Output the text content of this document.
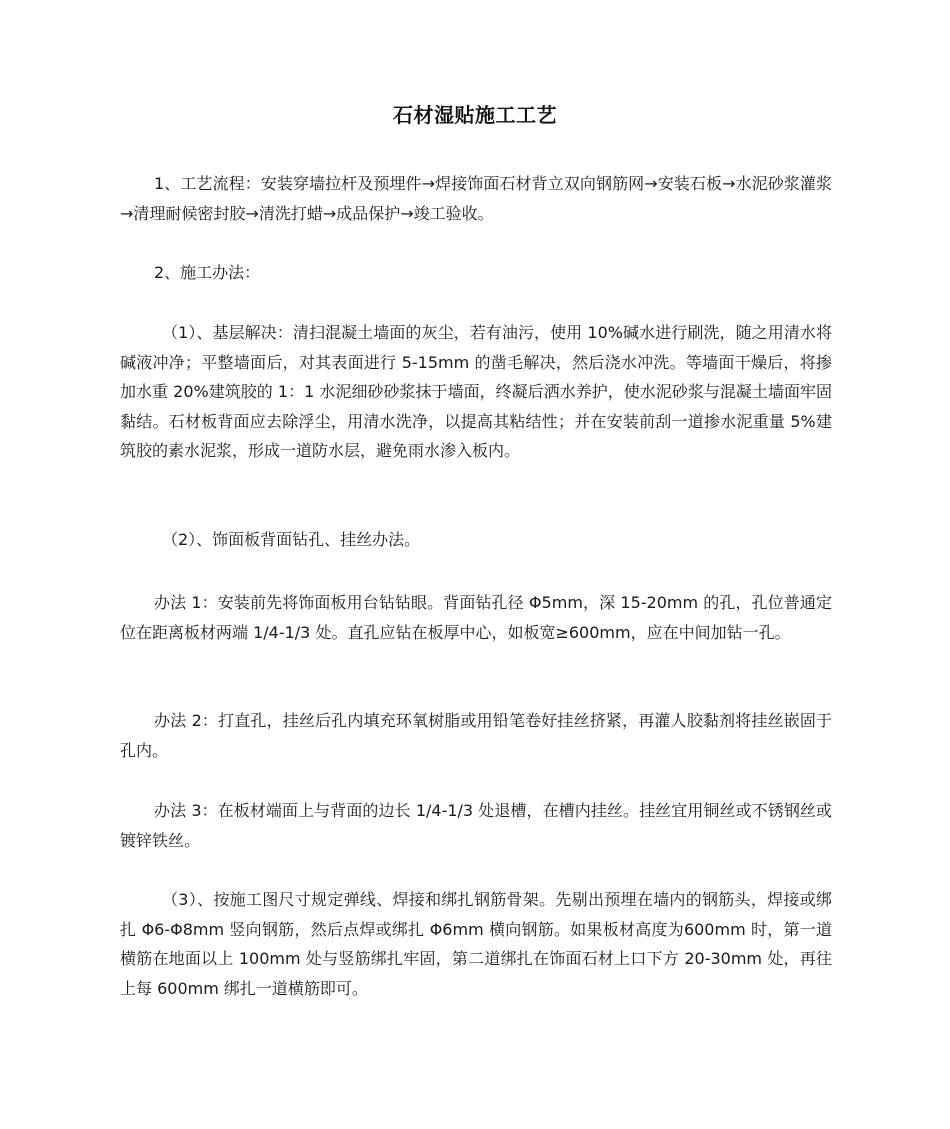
石材湿贴施工工艺
1、工艺流程：安装穿墙拉杆及预埋件→焊接饰面石材背立双向钢筋网→安装石板→水泥砂浆灌浆→清理耐候密封胶→清洗打蜡→成品保护→竣工验收。
2、施工办法：
（1）、基层解决：清扫混凝土墙面的灰尘，若有油污，使用 10%碱水进行刷洗，随之用清水将碱液冲净；平整墙面后，对其表面进行 5-15mm 的凿毛解决，然后浇水冲洗。等墙面干燥后，将掺加水重 20%建筑胶的 1：1 水泥细砂砂浆抹于墙面，终凝后洒水养护，使水泥砂浆与混凝土墙面牢固黏结。石材板背面应去除浮尘，用清水洗净，以提高其粘结性；并在安装前刮一道掺水泥重量 5%建筑胶的素水泥浆，形成一道防水层，避免雨水渗入板内。
（2）、饰面板背面钻孔、挂丝办法。
办法 1：安装前先将饰面板用台钻钻眼。背面钻孔径 Φ5mm，深 15-20mm 的孔，孔位普通定位在距离板材两端 1/4-1/3 处。直孔应钻在板厚中心，如板宽≥600mm，应在中间加钻一孔。
办法 2：打直孔，挂丝后孔内填充环氧树脂或用铅笔卷好挂丝挤紧，再灌人胶黏剂将挂丝嵌固于孔内。
办法 3：在板材端面上与背面的边长 1/4-1/3 处退槽，在槽内挂丝。挂丝宜用铜丝或不锈钢丝或镀锌铁丝。
（3）、按施工图尺寸规定弹线、焊接和绑扎钢筋骨架。先剔出预埋在墙内的钢筋头，焊接或绑扎 Φ6-Φ8mm 竖向钢筋，然后点焊或绑扎 Φ6mm 横向钢筋。如果板材高度为600mm 时，第一道横筋在地面以上 100mm 处与竖筋绑扎牢固，第二道绑扎在饰面石材上口下方 20-30mm 处，再往上每 600mm 绑扎一道横筋即可。
